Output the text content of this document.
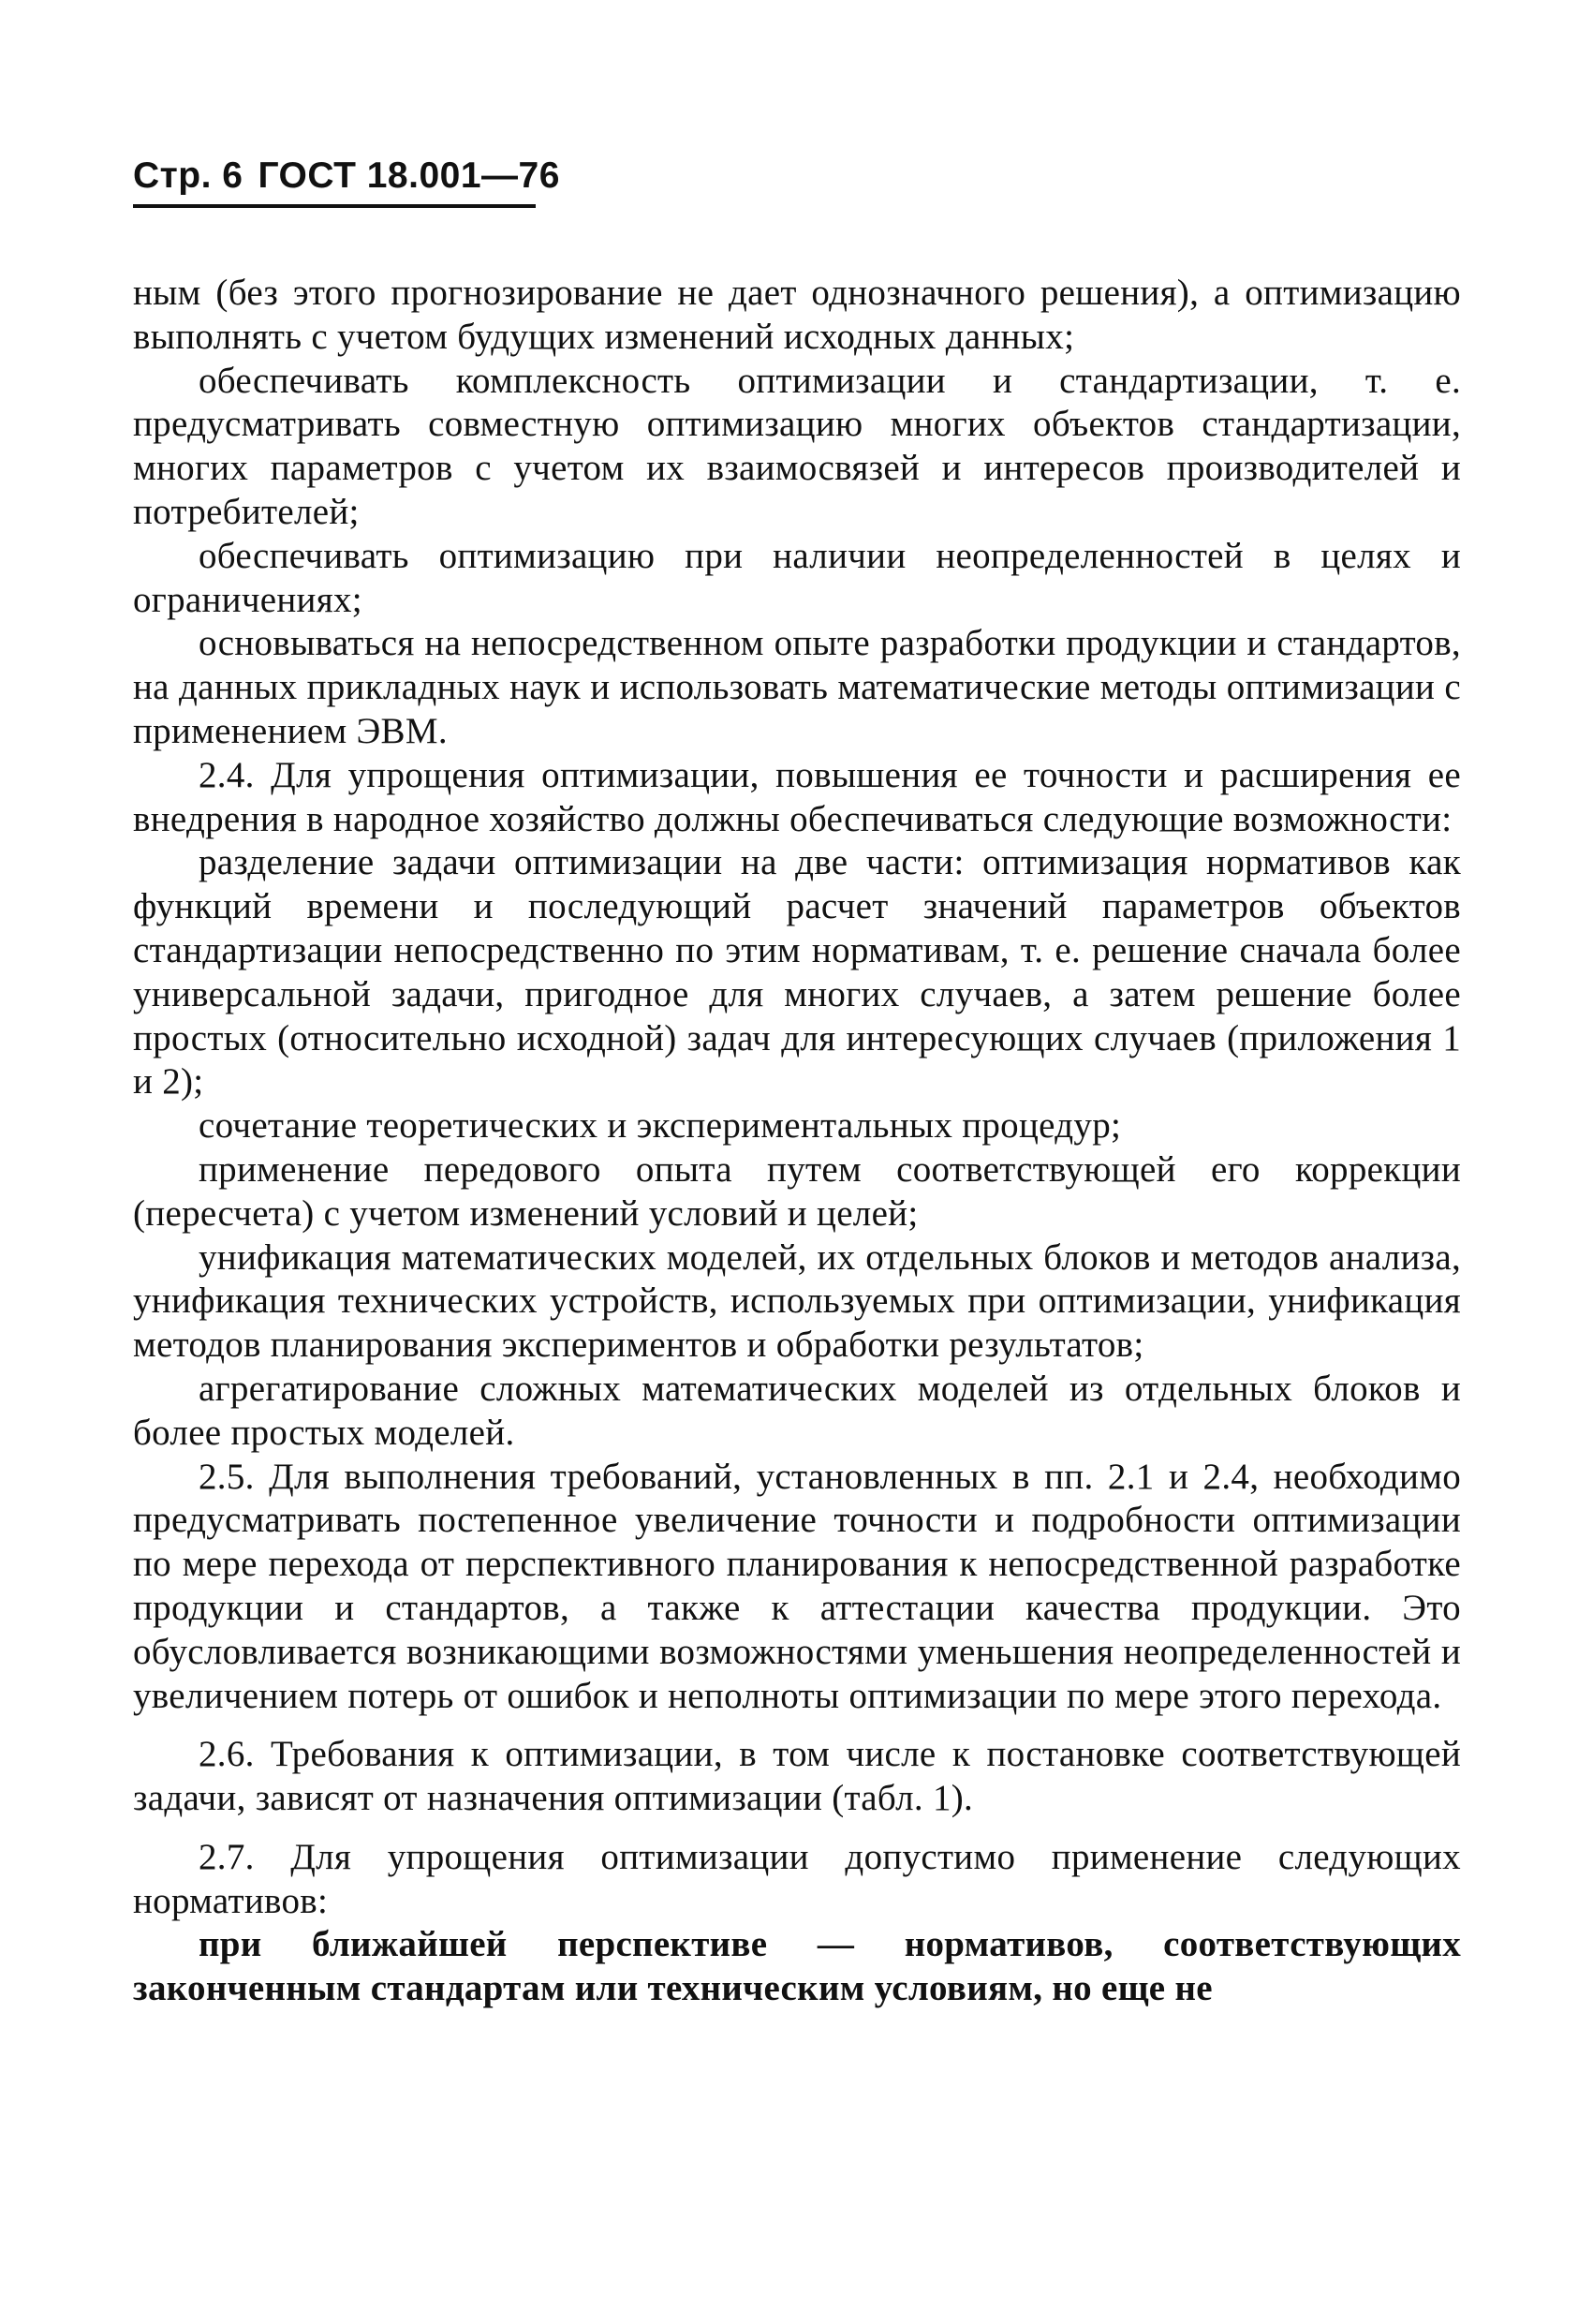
Стр. 6 ГОСТ 18.001—76

ным (без этого прогнозирование не дает однозначного решения), а оптимизацию выполнять с учетом будущих изменений исходных данных;

обеспечивать комплексность оптимизации и стандартизации, т. е. предусматривать совместную оптимизацию многих объектов стандартизации, многих параметров с учетом их взаимосвязей и интересов производителей и потребителей;

обеспечивать оптимизацию при наличии неопределенностей в целях и ограничениях;

основываться на непосредственном опыте разработки продукции и стандартов, на данных прикладных наук и использовать математические методы оптимизации с применением ЭВМ.

2.4. Для упрощения оптимизации, повышения ее точности и расширения ее внедрения в народное хозяйство должны обеспечиваться следующие возможности:

разделение задачи оптимизации на две части: оптимизация нормативов как функций времени и последующий расчет значений параметров объектов стандартизации непосредственно по этим нормативам, т. е. решение сначала более универсальной задачи, пригодное для многих случаев, а затем решение более простых (относительно исходной) задач для интересующих случаев (приложения 1 и 2);

сочетание теоретических и экспериментальных процедур;

применение передового опыта путем соответствующей его коррекции (пересчета) с учетом изменений условий и целей;

унификация математических моделей, их отдельных блоков и методов анализа, унификация технических устройств, используемых при оптимизации, унификация методов планирования экспериментов и обработки результатов;

агрегатирование сложных математических моделей из отдельных блоков и более простых моделей.

2.5. Для выполнения требований, установленных в пп. 2.1 и 2.4, необходимо предусматривать постепенное увеличение точности и подробности оптимизации по мере перехода от перспективного планирования к непосредственной разработке продукции и стандартов, а также к аттестации качества продукции. Это обусловливается возникающими возможностями уменьшения неопределенностей и увеличением потерь от ошибок и неполноты оптимизации по мере этого перехода.

2.6. Требования к оптимизации, в том числе к постановке соответствующей задачи, зависят от назначения оптимизации (табл. 1).

2.7. Для упрощения оптимизации допустимо применение следующих нормативов:

при ближайшей перспективе — нормативов, соответствующих законченным стандартам или техническим условиям, но еще не
